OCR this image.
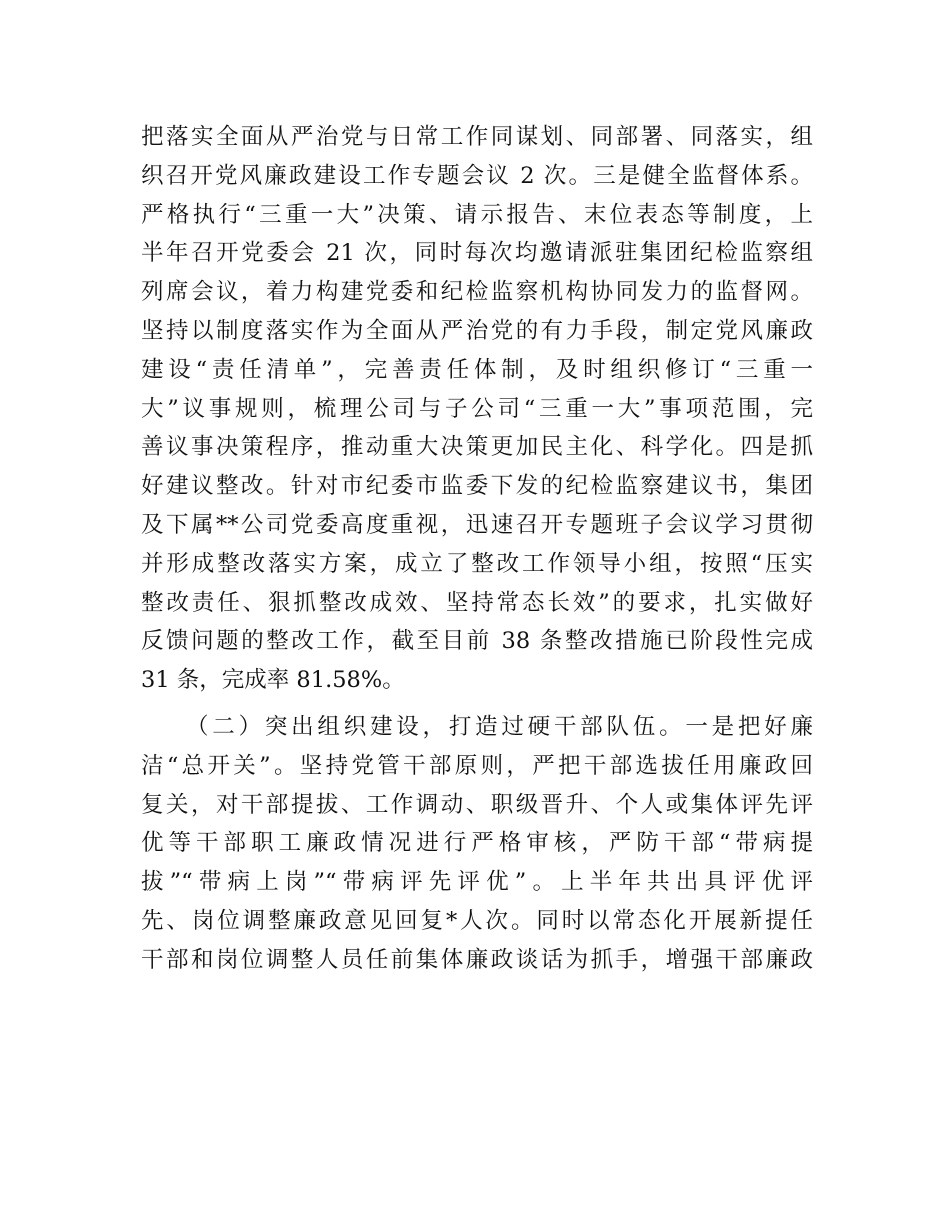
把落实全面从严治党与日常工作同谋划、同部署、同落实，组
织召开党风廉政建设工作专题会议 2 次。三是健全监督体系。
严格执行“三重一大”决策、请示报告、末位表态等制度，上
半年召开党委会 21 次，同时每次均邀请派驻集团纪检监察组
列席会议，着力构建党委和纪检监察机构协同发力的监督网。
坚持以制度落实作为全面从严治党的有力手段，制定党风廉政
建设“责任清单”，完善责任体制，及时组织修订“三重一
大”议事规则，梳理公司与子公司“三重一大”事项范围，完
善议事决策程序，推动重大决策更加民主化、科学化。四是抓
好建议整改。针对市纪委市监委下发的纪检监察建议书，集团
及下属**公司党委高度重视，迅速召开专题班子会议学习贯彻
并形成整改落实方案，成立了整改工作领导小组，按照“压实
整改责任、狠抓整改成效、坚持常态长效”的要求，扎实做好
反馈问题的整改工作，截至目前 38 条整改措施已阶段性完成
31 条，完成率 81.58%。
（二）突出组织建设，打造过硬干部队伍。一是把好廉
洁“总开关”。坚持党管干部原则，严把干部选拔任用廉政回
复关，对干部提拔、工作调动、职级晋升、个人或集体评先评
优等干部职工廉政情况进行严格审核，严防干部“带病提
拔”“带病上岗”“带病评先评优”。上半年共出具评优评
先、岗位调整廉政意见回复*人次。同时以常态化开展新提任
干部和岗位调整人员任前集体廉政谈话为抓手，增强干部廉政
